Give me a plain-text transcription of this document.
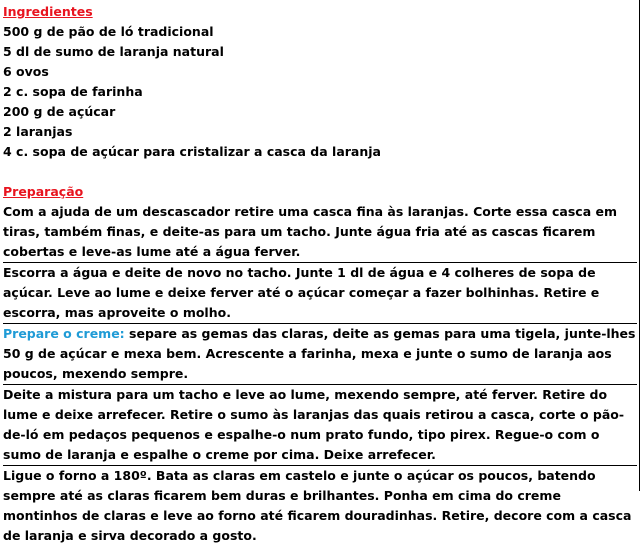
Ingredientes
500 g de pão de ló tradicional
5 dl de sumo de laranja natural
6 ovos
2 c. sopa de farinha
200 g de açúcar
2 laranjas
4 c. sopa de açúcar para cristalizar a casca da laranja
Preparação
Com a ajuda de um descascador retire uma casca fina às laranjas. Corte essa casca em tiras, também finas, e deite-as para um tacho. Junte água fria até as cascas ficarem cobertas e leve-as lume até a água ferver.
Escorra a água e deite de novo no tacho. Junte 1 dl de água e 4 colheres de sopa de açúcar. Leve ao lume e deixe ferver até o açúcar começar a fazer bolhinhas. Retire e escorra, mas aproveite o molho.
Prepare o creme: separe as gemas das claras, deite as gemas para uma tigela, junte-lhes 50 g de açúcar e mexa bem. Acrescente a farinha, mexa e junte o sumo de laranja aos poucos, mexendo sempre.
Deite a mistura para um tacho e leve ao lume, mexendo sempre, até ferver. Retire do lume e deixe arrefecer. Retire o sumo às laranjas das quais retirou a casca, corte o pão-de-ló em pedaços pequenos e espalhe-o num prato fundo, tipo pirex. Regue-o com o sumo de laranja e espalhe o creme por cima. Deixe arrefecer.
Ligue o forno a 180º. Bata as claras em castelo e junte o açúcar os poucos, batendo sempre até as claras ficarem bem duras e brilhantes. Ponha em cima do creme montinhos de claras e leve ao forno até ficarem douradinhas. Retire, decore com a casca de laranja e sirva decorado a gosto.
